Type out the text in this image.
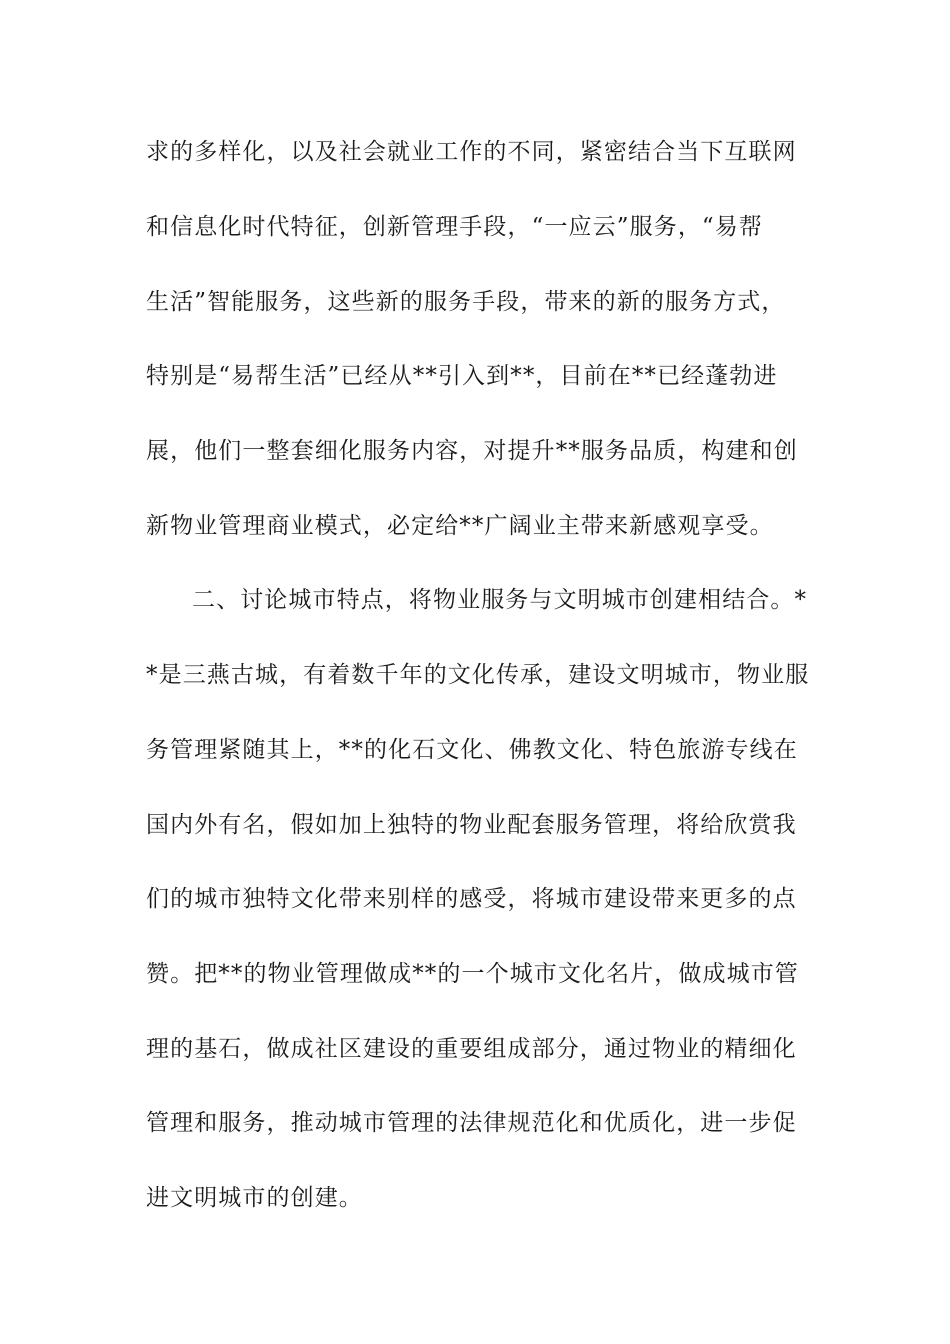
求的多样化，以及社会就业工作的不同，紧密结合当下互联网
和信息化时代特征，创新管理手段，“一应云”服务，“易帮
生活”智能服务，这些新的服务手段，带来的新的服务方式，
特别是“易帮生活”已经从**引入到**，目前在**已经蓬勃进
展，他们一整套细化服务内容，对提升**服务品质，构建和创
新物业管理商业模式，必定给**广阔业主带来新感观享受。
二、讨论城市特点，将物业服务与文明城市创建相结合。*
*是三燕古城，有着数千年的文化传承，建设文明城市，物业服
务管理紧随其上，**的化石文化、佛教文化、特色旅游专线在
国内外有名，假如加上独特的物业配套服务管理，将给欣赏我
们的城市独特文化带来别样的感受，将城市建设带来更多的点
赞。把**的物业管理做成**的一个城市文化名片，做成城市管
理的基石，做成社区建设的重要组成部分，通过物业的精细化
管理和服务，推动城市管理的法律规范化和优质化，进一步促
进文明城市的创建。
